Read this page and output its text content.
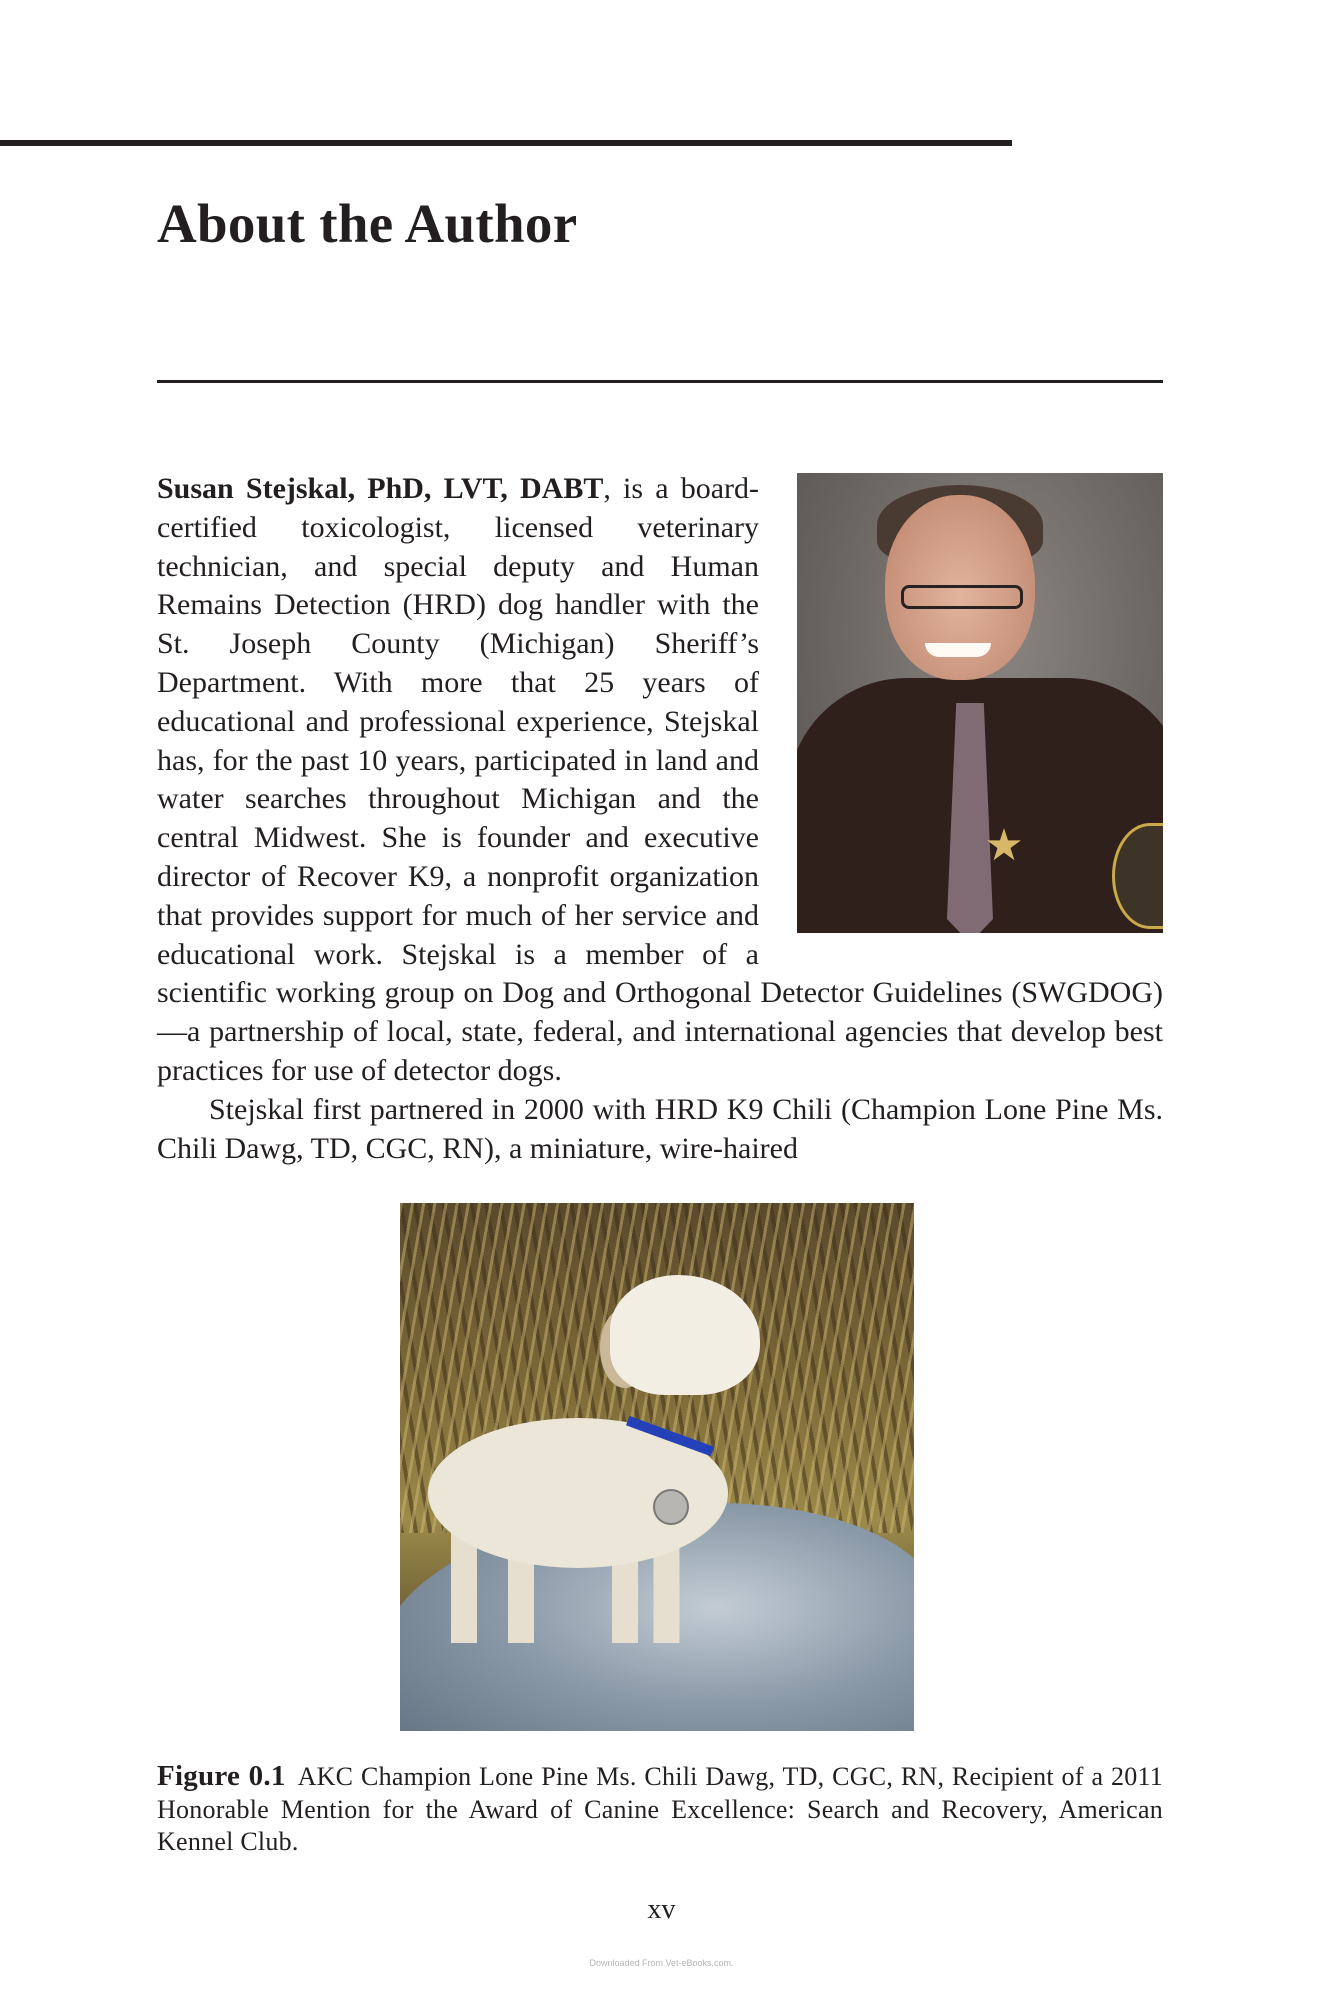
About the Author
★

Susan Stejskal, PhD, LVT, DABT, is a board-certified toxicologist, licensed veterinary technician, and special deputy and Human Remains Detection (HRD) dog handler with the St. Joseph County (Michigan) Sheriff’s Department. With more that 25 years of educational and professional experience, Stejskal has, for the past 10 years, participated in land and water searches throughout Michigan and the central Midwest. She is founder and executive director of Recover K9, a nonprofit organization that provides support for much of her service and educational work. Stejskal is a member of a scientific working group on Dog and Orthogonal Detector Guidelines (SWGDOG)—a partnership of local, state, federal, and international agencies that develop best practices for use of detector dogs.

Stejskal first partnered in 2000 with HRD K9 Chili (Champion Lone Pine Ms. Chili Dawg, TD, CGC, RN), a miniature, wire-haired

Figure 0.1 AKC Champion Lone Pine Ms. Chili Dawg, TD, CGC, RN, Recipient of a 2011 Honorable Mention for the Award of Canine Excellence: Search and Recovery, American Kennel Club.

xv
Downloaded From Vet-eBooks.com.
